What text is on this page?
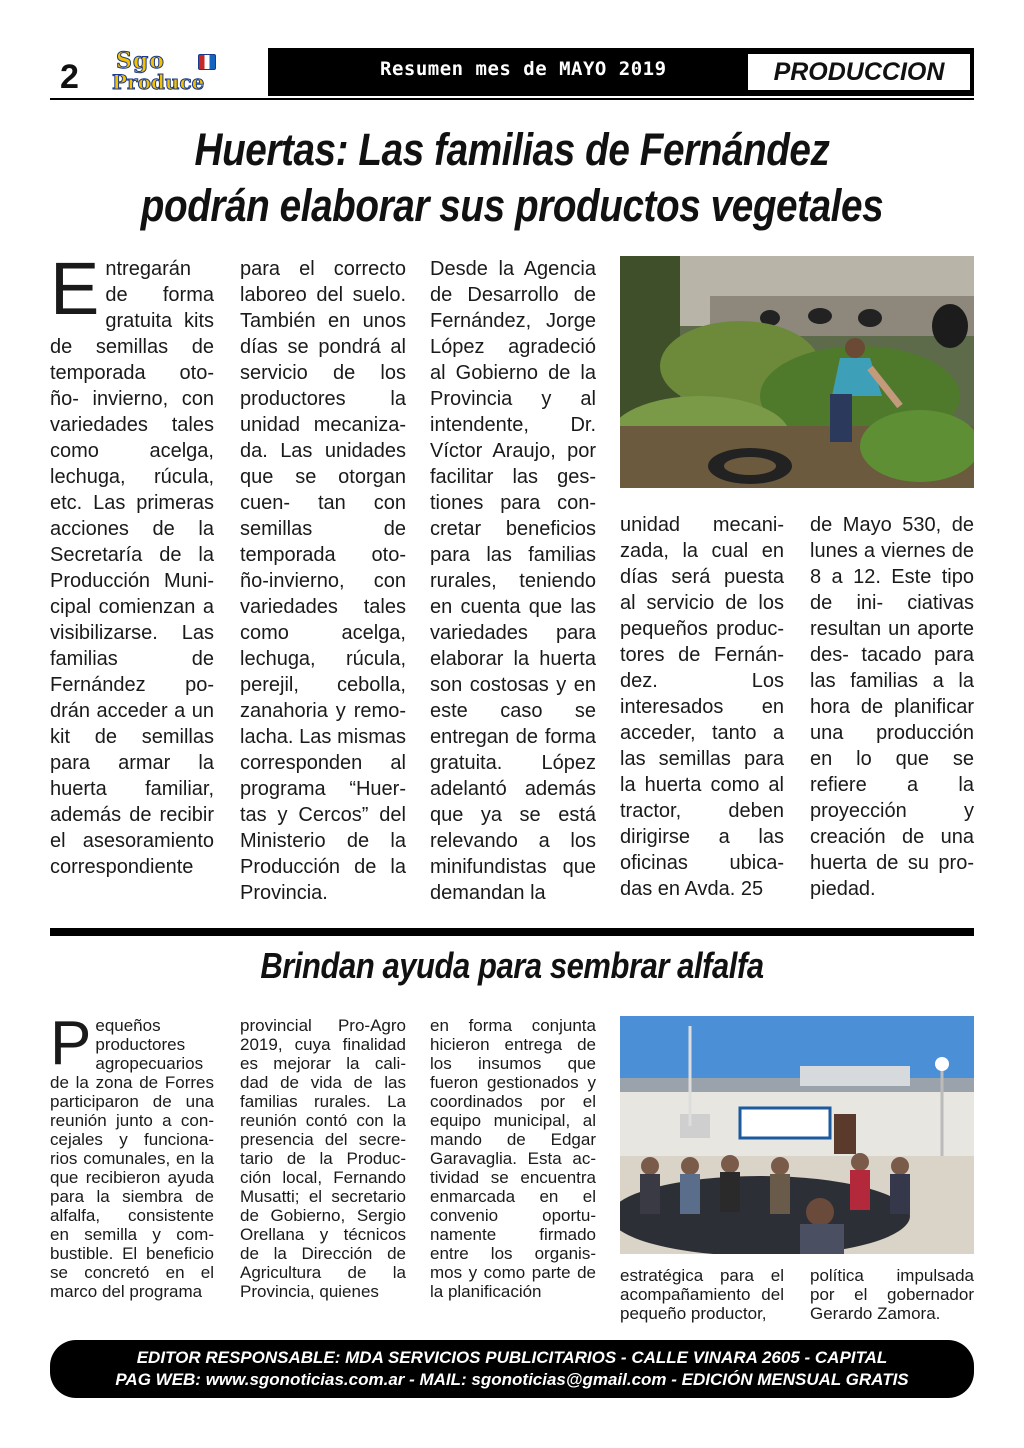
2 Sgo
Produce
Resumen mes de MAYO 2019	PRODUCCION
Huertas: Las familias de Fernández
podrán elaborar sus productos vegetales
E ntregarán de forma gratuita kits de semillas de temporada oto- ño- invierno, con variedades tales como acelga, lechuga, rúcula, etc. Las primeras acciones de la Secretaría de la Producción Muni- cipal comienzan a visibilizarse. Las familias de Fernández po- drán acceder a un kit de semillas para armar la huerta familiar, además de recibir el asesoramiento correspondiente

para el correcto laboreo del suelo. También en unos días se pondrá al servicio de los productores la unidad mecaniza- da. Las unidades que se otorgan cuen- tan con semillas de temporada oto- ño-invierno, con variedades tales como acelga, lechuga, rúcula, perejil, cebolla, zanahoria y remo- lacha. Las mismas corresponden al programa “Huer- tas y Cercos” del Ministerio de la Producción de la Provincia.

Desde la Agencia de Desarrollo de Fernández, Jorge López agradeció al Gobierno de la Provincia y al intendente, Dr. Víctor Araujo, por facilitar las ges- tiones para con- cretar beneficios para las familias rurales, teniendo en cuenta que las variedades para elaborar la huerta son costosas y en este caso se entregan de forma gratuita. López adelantó además que ya se está relevando a los minifundistas que demandan la

unidad mecani- zada, la cual en días será puesta al servicio de los pequeños produc- tores de Fernán- dez. Los interesados en acceder, tanto a las semillas para la huerta como al tractor, deben dirigirse a las oficinas ubica- das en Avda. 25

de Mayo 530, de lunes a viernes de 8 a 12. Este tipo de ini- ciativas resultan un aporte des- tacado para las familias a la hora de planificar una producción en lo que se refiere a la proyección y creación de una huerta de su pro- piedad.

Brindan ayuda para sembrar alfalfa
P equeños productores agropecuarios de la zona de Forres participaron de una reunión junto a con- cejales y funciona- rios comunales, en la que recibieron ayuda para la siembra de alfalfa, consistente en semilla y com- bustible. El beneficio se concretó en el marco del programa

provincial Pro-Agro 2019, cuya finalidad es mejorar la cali- dad de vida de las familias rurales. La reunión contó con la presencia del secre- tario de la Produc- ción local, Fernando Musatti; el secretario de Gobierno, Sergio Orellana y técnicos de la Dirección de Agricultura de la Provincia, quienes

en forma conjunta hicieron entrega de los insumos que fueron gestionados y coordinados por el equipo municipal, al mando de Edgar Garavaglia. Esta ac- tividad se encuentra enmarcada en el convenio oportu- namente firmado entre los organis- mos y como parte de la planificación

estratégica para el acompañamiento del pequeño productor,

política impulsada por el gobernador Gerardo Zamora.

EDITOR RESPONSABLE: MDA SERVICIOS PUBLICITARIOS - CALLE VINARA 2605 - CAPITAL
PAG WEB: www.sgonoticias.com.ar - MAIL: sgonoticias@gmail.com - EDICIÓN MENSUAL GRATIS
